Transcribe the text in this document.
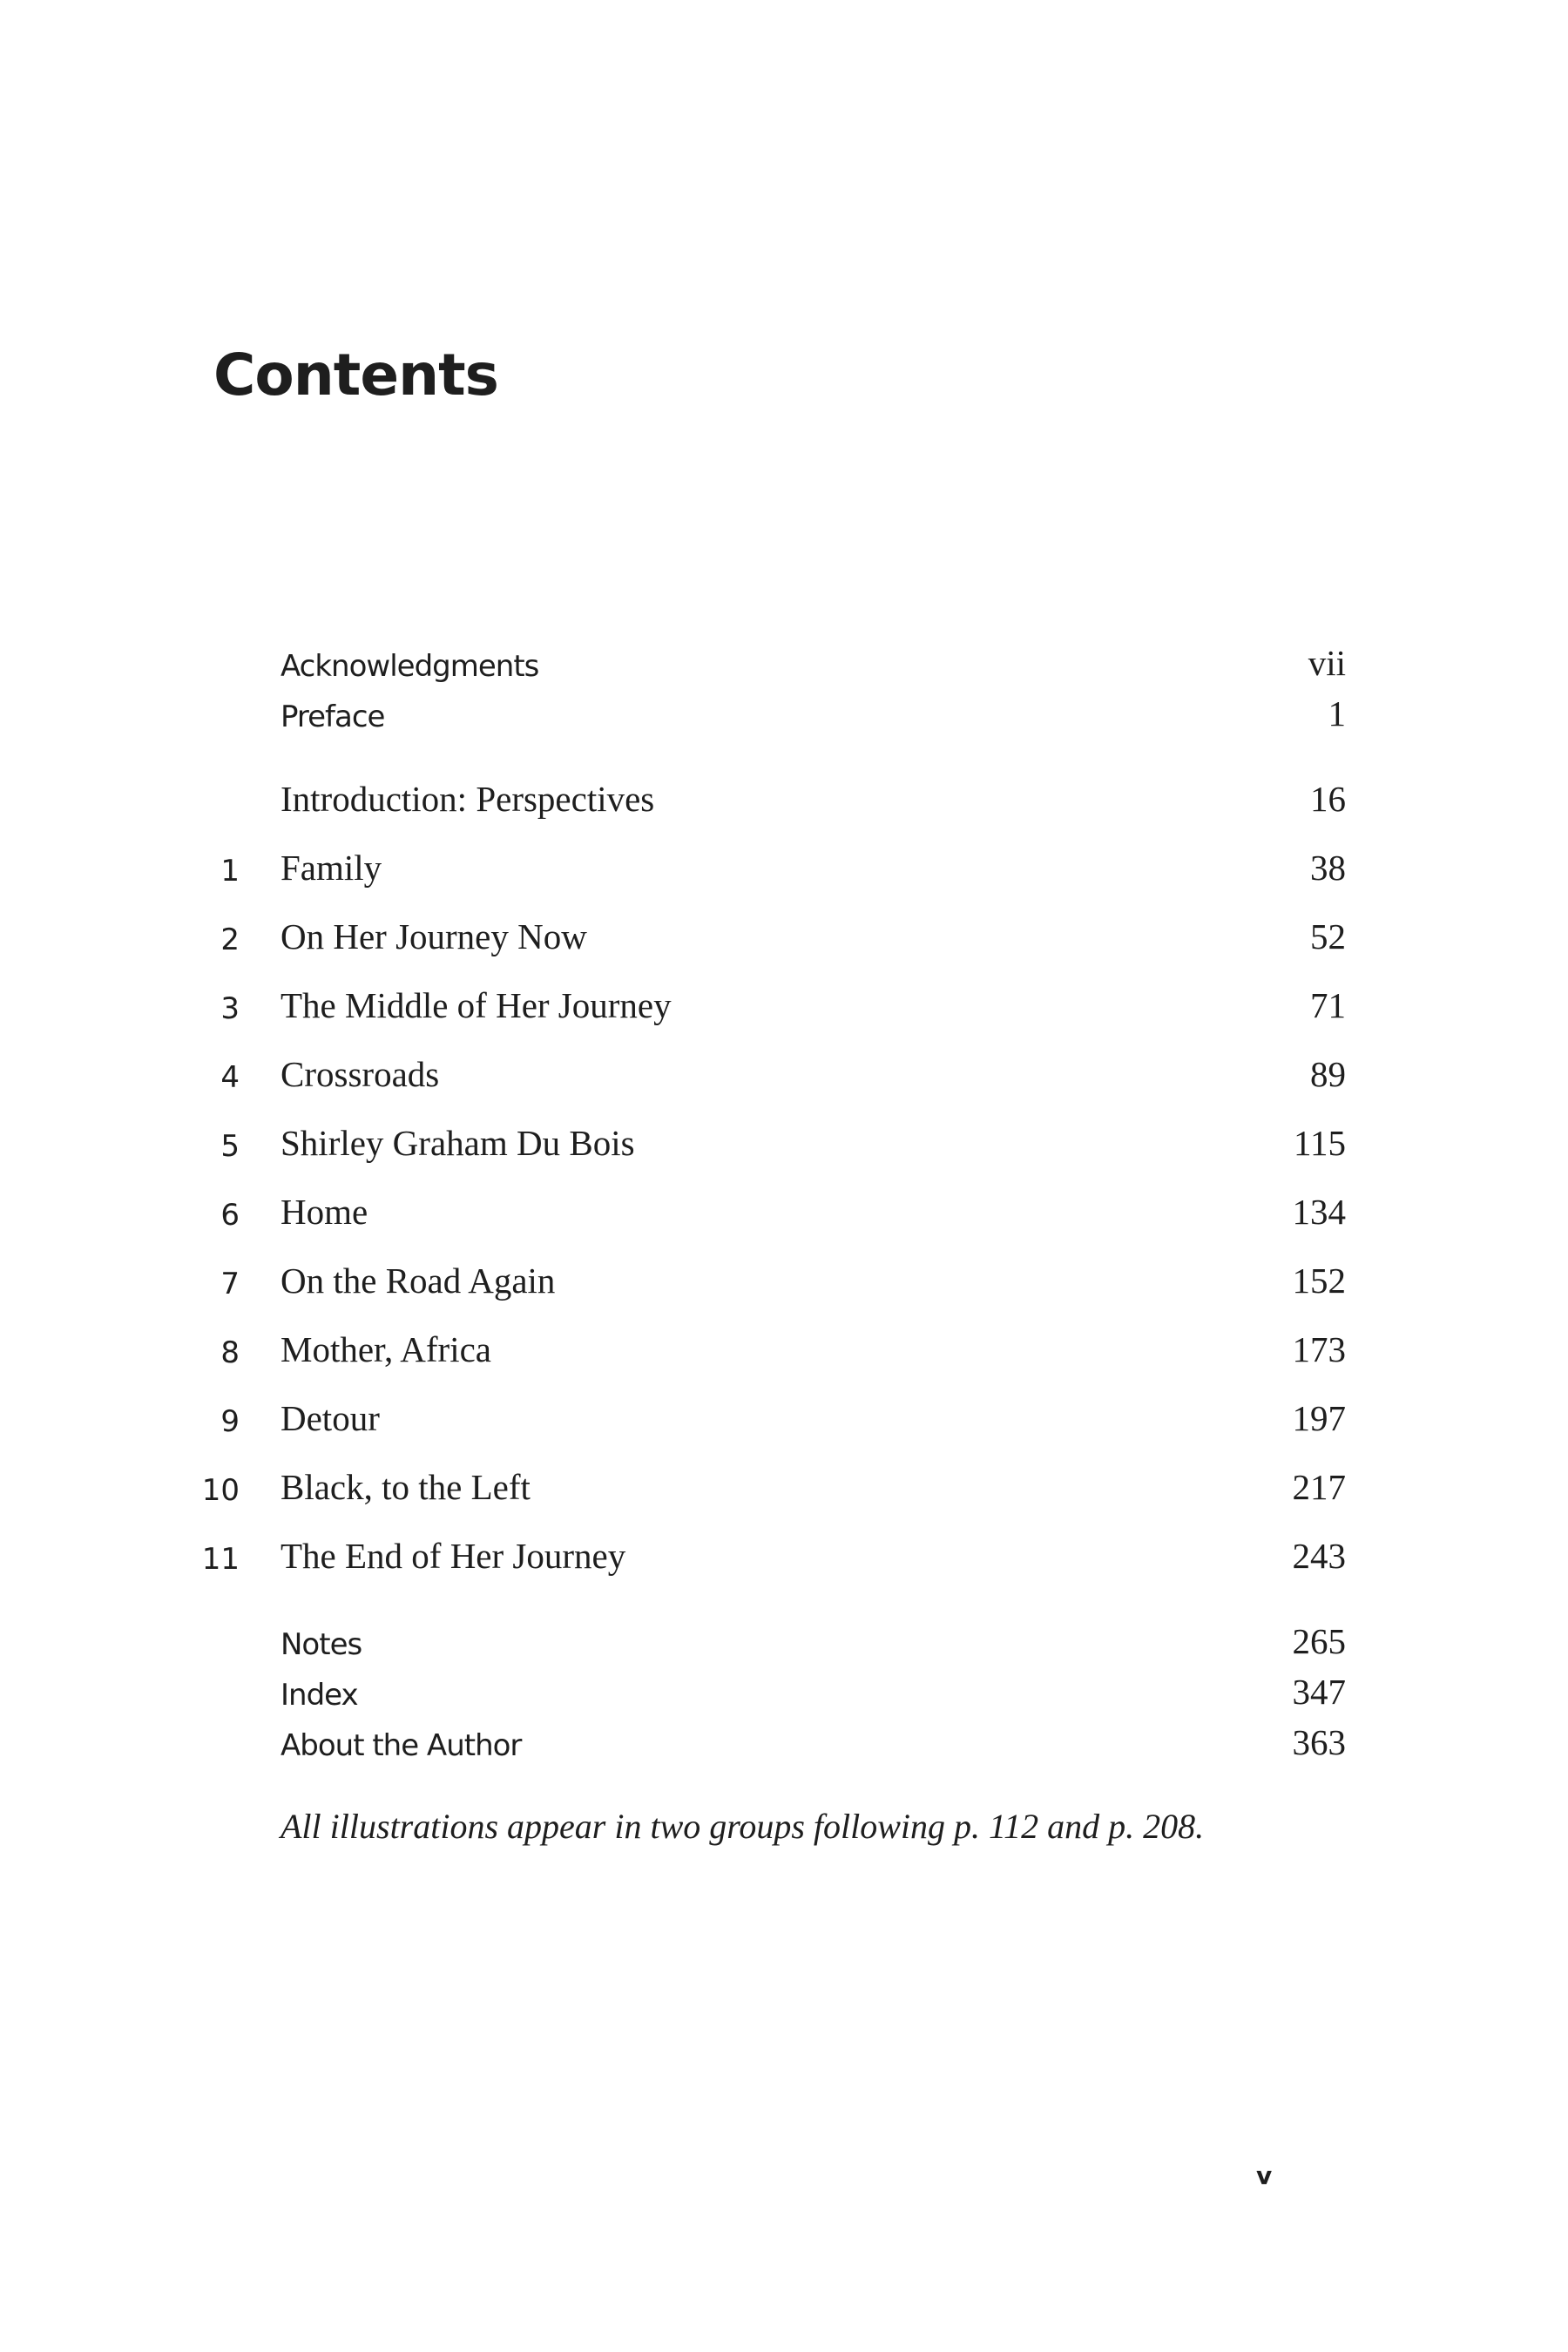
Contents
Acknowledgments	vii
Preface	1
Introduction: Perspectives	16
1 Family	38
2 On Her Journey Now	52
3 The Middle of Her Journey	71
4 Crossroads	89
5 Shirley Graham Du Bois	115
6 Home	134
7 On the Road Again	152
8 Mother, Africa	173
9 Detour	197
10 Black, to the Left	217
11 The End of Her Journey	243
Notes	265
Index	347
About the Author	363

All illustrations appear in two groups following p. 112 and p. 208.

v
